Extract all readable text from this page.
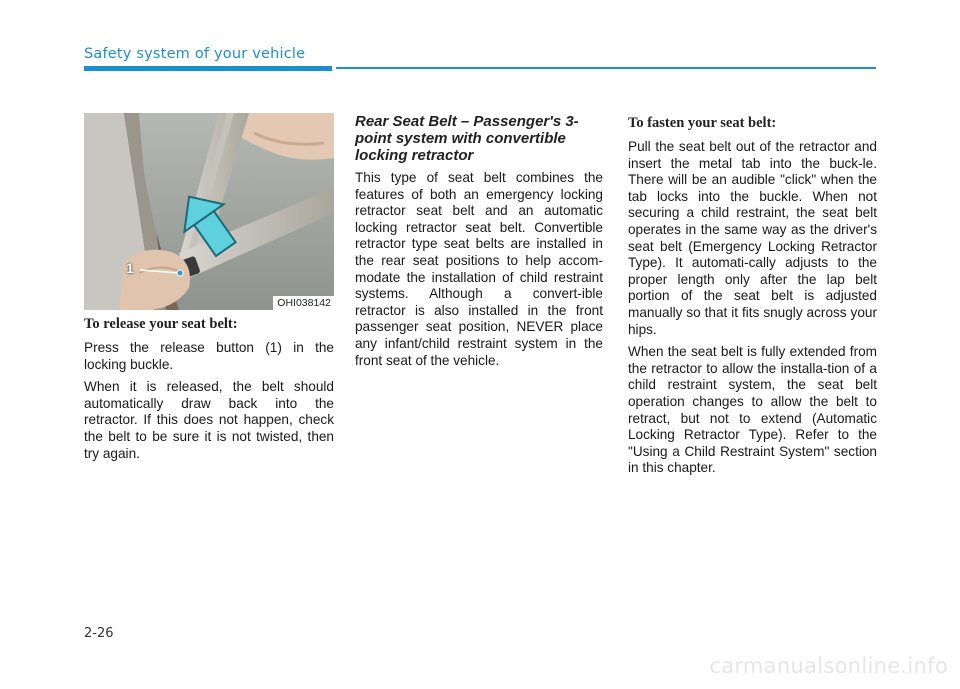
Safety system of your vehicle
1
OHI038142
To release your seat belt:

Press the release button (1) in the locking buckle.

When it is released, the belt should automatically draw back into the retractor. If this does not happen, check the belt to be sure it is not twisted, then try again.

Rear Seat Belt – Passenger's 3-point system with convertible locking retractor

This type of seat belt combines the features of both an emergency locking retractor seat belt and an automatic locking retractor seat belt. Convertible retractor type seat belts are installed in the rear seat positions to help accom-modate the installation of child restraint systems. Although a convert-ible retractor is also installed in the front passenger seat position, NEVER place any infant/child restraint system in the front seat of the vehicle.

To fasten your seat belt:

Pull the seat belt out of the retractor and insert the metal tab into the buck-le. There will be an audible "click" when the tab locks into the buckle. When not securing a child restraint, the seat belt operates in the same way as the driver's seat belt (Emergency Locking Retractor Type). It automati-cally adjusts to the proper length only after the lap belt portion of the seat belt is adjusted manually so that it fits snugly across your hips.

When the seat belt is fully extended from the retractor to allow the installa-tion of a child restraint system, the seat belt operation changes to allow the belt to retract, but not to extend (Automatic Locking Retractor Type). Refer to the "Using a Child Restraint System" section in this chapter.

2-26
carmanualsonline.info
